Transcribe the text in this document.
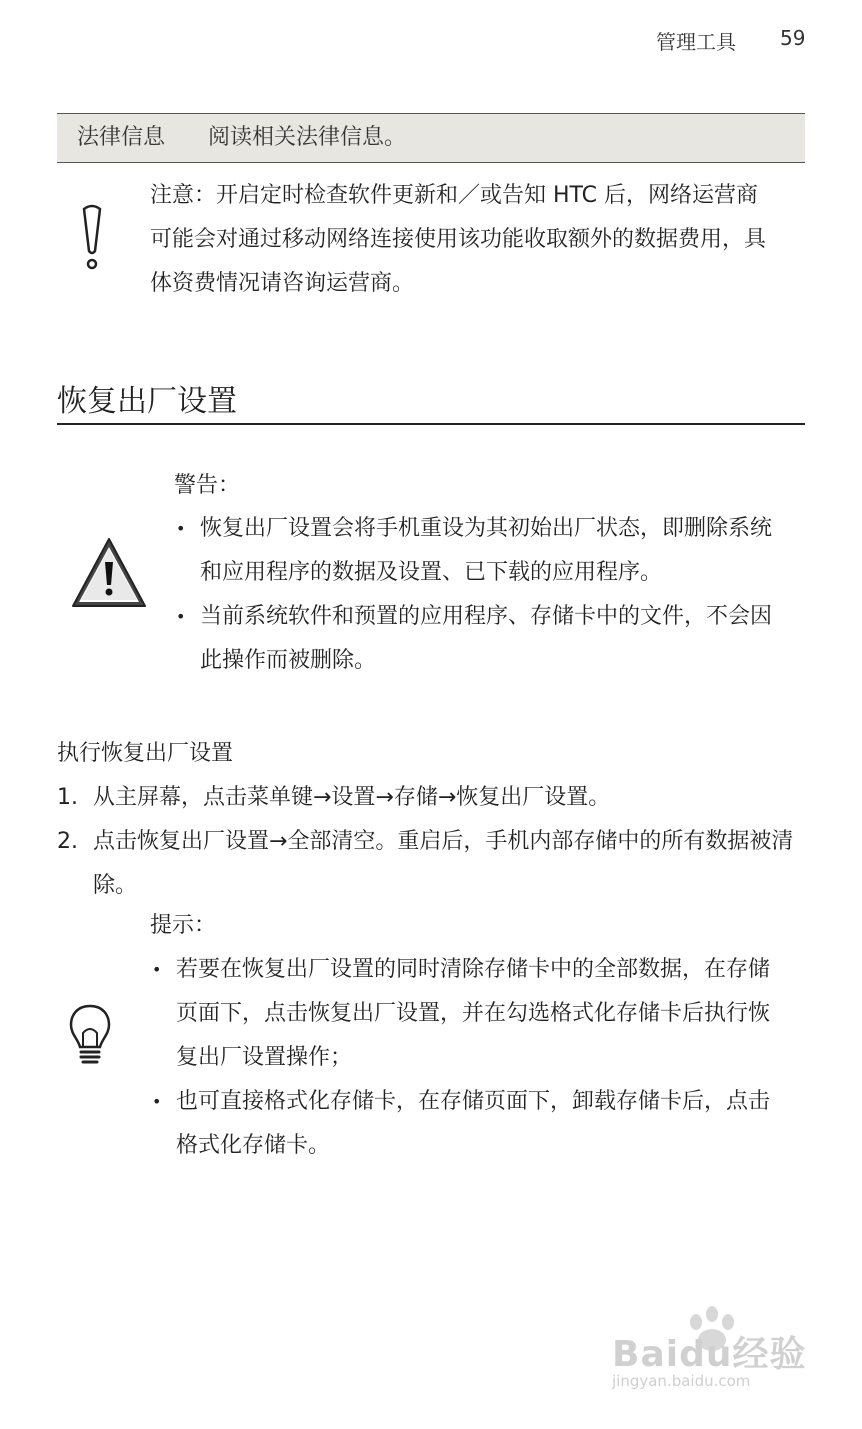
管理工具 59
法律信息 阅读相关法律信息。
注意：开启定时检查软件更新和／或告知 HTC 后，网络运营商可能会对通过移动网络连接使用该功能收取额外的数据费用，具体资费情况请咨询运营商。
恢复出厂设置
警告：
• 恢复出厂设置会将手机重设为其初始出厂状态，即删除系统和应用程序的数据及设置、已下载的应用程序。
• 当前系统软件和预置的应用程序、存储卡中的文件，不会因此操作而被删除。
执行恢复出厂设置
1. 从主屏幕，点击菜单键→设置→存储→恢复出厂设置。
2. 点击恢复出厂设置→全部清空。重启后，手机内部存储中的所有数据被清除。
提示：
• 若要在恢复出厂设置的同时清除存储卡中的全部数据，在存储页面下，点击恢复出厂设置，并在勾选格式化存储卡后执行恢复出厂设置操作；
• 也可直接格式化存储卡，在存储页面下，卸载存储卡后，点击格式化存储卡。
Baidu经验
jingyan.baidu.com
